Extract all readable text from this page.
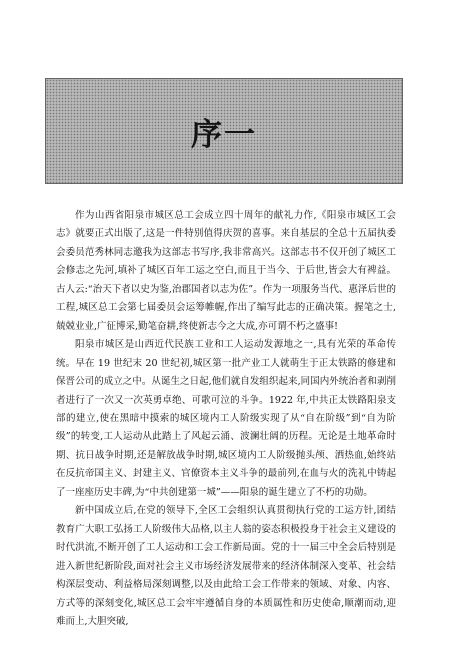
序一

作为山西省阳泉市城区总工会成立四十周年的献礼力作,《阳泉市城区工会志》就要正式出版了,这是一件特别值得庆贺的喜事。来自基层的全总十五届执委会委员范秀林同志邀我为这部志书写序,我非常高兴。这部志书不仅开创了城区工会修志之先河,填补了城区百年工运之空白,而且于当今、于后世,皆会大有裨益。古人云:“治天下者以史为鉴,治郡国者以志为佐”。作为一项服务当代、惠泽后世的工程,城区总工会第七届委员会运筹帷幄,作出了编写此志的正确决策。握笔之士,兢兢业业,广征博采,勤笔奋耕,终使新志今之大成,亦可谓不朽之盛事!

阳泉市城区是山西近代民族工业和工人运动发源地之一,具有光荣的革命传统。早在 19 世纪末 20 世纪初,城区第一批产业工人就萌生于正太铁路的修建和保晋公司的成立之中。从诞生之日起,他们就自发组织起来,同国内外统治者和剥削者进行了一次又一次英勇卓绝、可歌可泣的斗争。1922 年,中共正太铁路阳泉支部的建立,使在黑暗中摸索的城区境内工人阶级实现了从“自在阶级”到“自为阶级”的转变,工人运动从此踏上了风起云涌、波澜壮阔的历程。无论是土地革命时期、抗日战争时期,还是解放战争时期,城区境内工人阶级抛头颅、洒热血,始终站在反抗帝国主义、封建主义、官僚资本主义斗争的最前列,在血与火的洗礼中铸起了一座座历史丰碑,为“中共创建第一城”——阳泉的诞生建立了不朽的功勋。

新中国成立后,在党的领导下,全区工会组织认真贯彻执行党的工运方针,团结教育广大职工弘扬工人阶级伟大品格,以主人翁的姿态积极投身于社会主义建设的时代洪流,不断开创了工人运动和工会工作新局面。党的十一届三中全会后特别是进入新世纪新阶段,面对社会主义市场经济发展带来的经济体制深入变革、社会结构深层变动、利益格局深刻调整,以及由此给工会工作带来的领域、对象、内容、方式等的深刻变化,城区总工会牢牢遵循自身的本质属性和历史使命,顺潮而动,迎难而上,大胆突破,
